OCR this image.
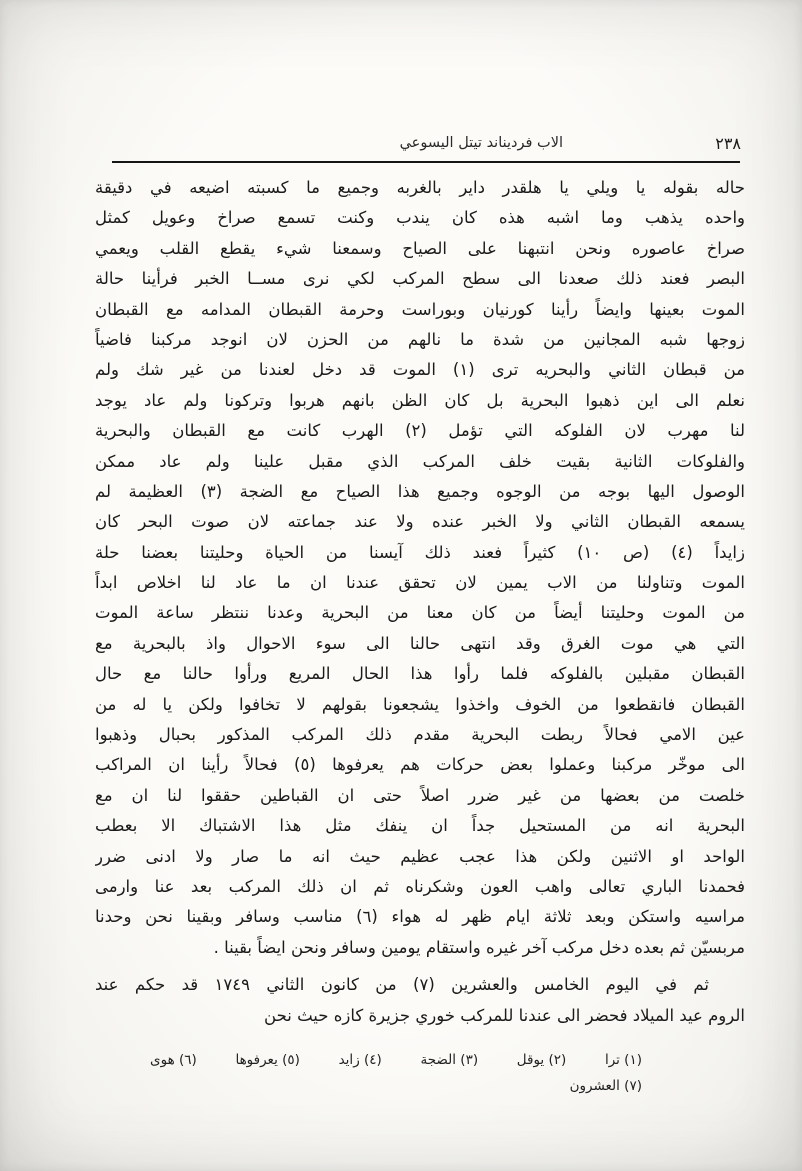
الاب فرديناند تيتل اليسوعي	٢٣٨
حاله بقوله يا ويلي يا هلقدر داير بالغربه وجميع ما كسبته اضيعه في دقيقة
واحده يذهب وما اشبه هذه كان يندب وكنت تسمع صراخ وعويل كمثل
صراخ عاصوره ونحن انتبهنا على الصياح وسمعنا شيء يقطع القلب ويعمي
البصر فعند ذلك صعدنا الى سطح المركب لكي نرى مســا الخبر فرأينا حالة
الموت بعينها وايضاً رأينا كورنيان وبوراست وحرمة القبطان المدامه مع القبطان
زوجها شبه المجانين من شدة ما نالهم من الحزن لان انوجد مركبنا فاضياً
من قبطان الثاني والبحريه ترى (١) الموت قد دخل لعندنا من غير شك ولم
نعلم الى اين ذهبوا البحرية بل كان الظن بانهم هربوا وتركونا ولم عاد يوجد
لنا مهرب لان الفلوكه التي تؤمل (٢) الهرب كانت مع القبطان والبحرية
والفلوكات الثانية بقيت خلف المركب الذي مقبل علينا ولم عاد ممكن
الوصول اليها بوجه من الوجوه وجميع هذا الصياح مع الضجة (٣) العظيمة لم
يسمعه القبطان الثاني ولا الخبر عنده ولا عند جماعته لان صوت البحر كان
زايداً (٤) (ص ١٠) كثيراً فعند ذلك آيسنا من الحياة وحليتنا بعضنا حلة
الموت وتناولنا من الاب يمين لان تحقق عندنا ان ما عاد لنا اخلاص ابداً
من الموت وحليتنا أيضاً من كان معنا من البحرية وعدنا ننتظر ساعة الموت
التي هي موت الغرق وقد انتهى حالنا الى سوء الاحوال واذ بالبحرية مع
القبطان مقبلين بالفلوكه فلما رأوا هذا الحال المريع ورأوا حالنا مع حال
القبطان فانقطعوا من الخوف واخذوا يشجعونا بقولهم لا تخافوا ولكن يا له من
عين الامي فحالاً ربطت البحرية مقدم ذلك المركب المذكور بحبال وذهبوا
الى موخّر مركبنا وعملوا بعض حركات هم يعرفوها (٥) فحالاً رأينا ان المراكب
خلصت من بعضها من غير ضرر اصلاً حتى ان القباطين حققوا لنا ان مع
البحرية انه من المستحيل جداً ان ينفك مثل هذا الاشتباك الا بعطب
الواحد او الاثنين ولكن هذا عجب عظيم حيث انه ما صار ولا ادنى ضرر
فحمدنا الباري تعالى واهب العون وشكرناه ثم ان ذلك المركب بعد عنا وارمى
مراسيه واستكن وبعد ثلاثة ايام ظهر له هواء (٦) مناسب وسافر وبقينا نحن وحدنا
مربسيّن ثم بعده دخل مركب آخر غيره واستقام يومين وسافر ونحن ايضاً بقينا .
ثم في اليوم الخامس والعشرين (٧) من كانون الثاني ١٧٤٩ قد حكم عند
الروم عيد الميلاد فحضر الى عندنا للمركب خوري جزيرة كازه حيث نحن
(١) ترا
(٢) يوقل
(٣) الضجة
(٤) زايد
(٥) يعرفوها
(٦) هوى
(٧) العشرون
